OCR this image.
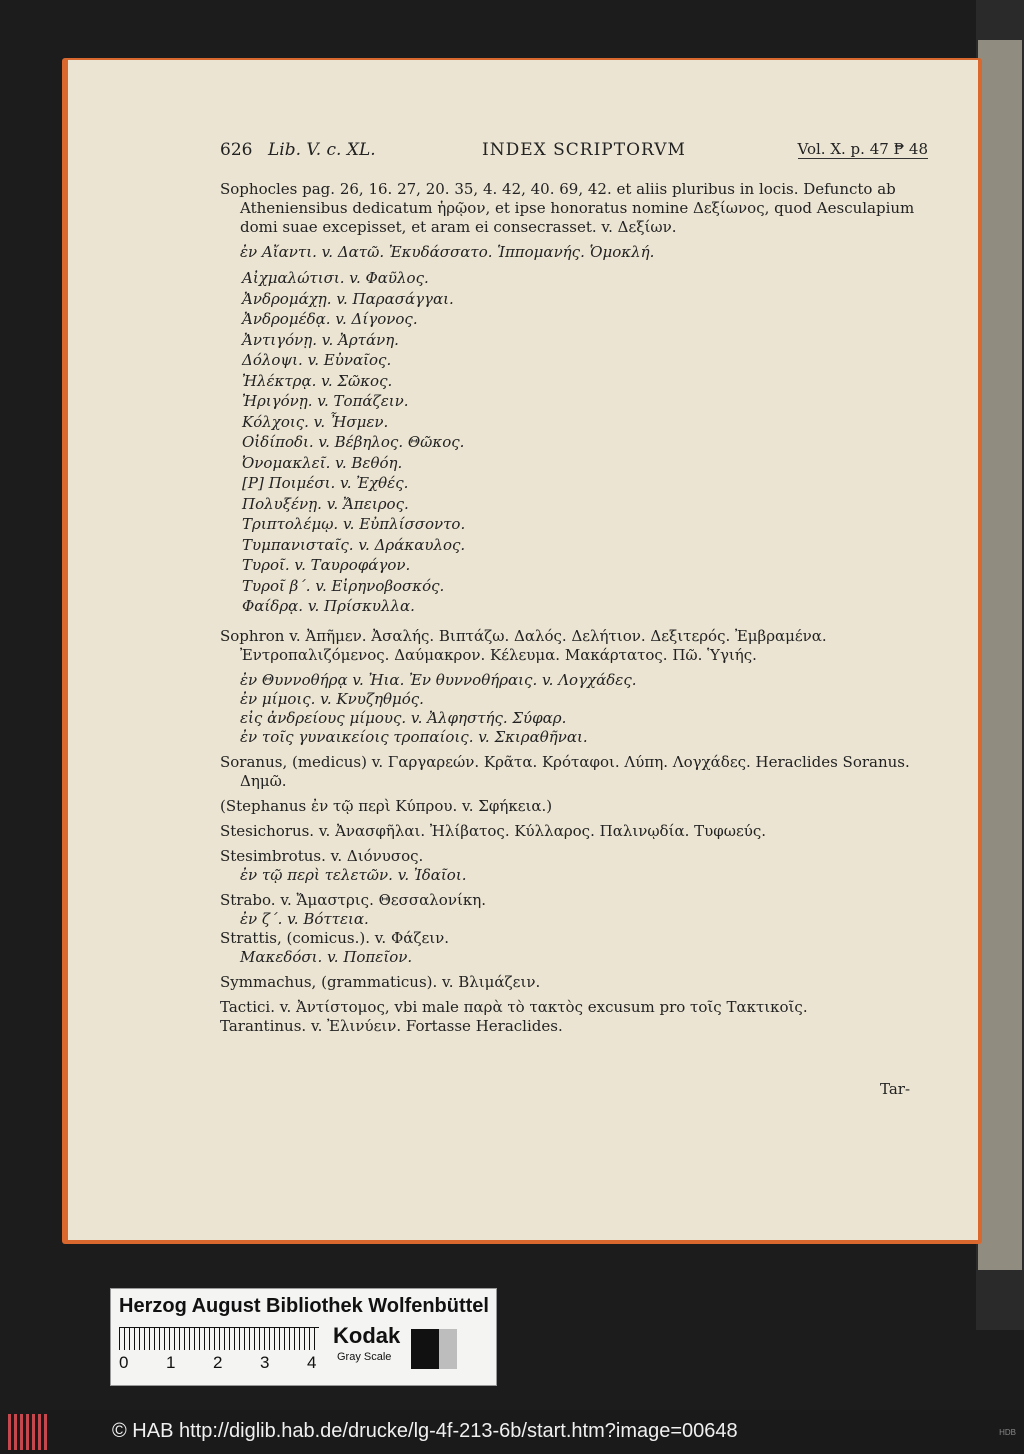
626 Lib. V. c. XL.	INDEX SCRIPTORVM	Vol. X. p. 47 ₱ 48
Sophocles pag. 26, 16. 27, 20. 35, 4. 42, 40. 69, 42. et aliis pluribus in locis. Defuncto ab Atheniensibus dedicatum ἡρῷον, et ipse honoratus nomine Δεξίωνος, quod Aesculapium domi suae excepisset, et aram ei consecrasset. v. Δεξίων.
ἐν Αἴαντι. v. Δατῶ. Ἐκυδάσσατο. Ἱππομανής. Ὁμοκλή.
Αἰχμαλώτισι. v. Φαῦλος.
Ἀνδρομάχῃ. v. Παρασάγγαι.
Ἀνδρομέδᾳ. v. Δίγονος.
Ἀντιγόνῃ. v. Ἀρτάνη.
Δόλοψι. v. Εὐναῖος.
Ἠλέκτρᾳ. v. Σῶκος.
Ἠριγόνῃ. v. Τοπάζειν.
Κόλχοις. v. Ἦσμεν.
Οἰδίποδι. v. Βέβηλος. Θῶκος.
Ὀνομακλεῖ. v. Βεθόη.
[Ρ] Ποιμέσι. v. Ἐχθές.
Πολυξένῃ. v. Ἄπειρος.
Τριπτολέμῳ. v. Εὐπλίσσοντο.
Τυμπανισταῖς. v. Δράκαυλος.
Τυροῖ. v. Ταυροφάγον.
Τυροῖ β΄. v. Εἰρηνοβοσκός.
Φαίδρᾳ. v. Πρίσκυλλα.
Sophron v. Ἀπῆμεν. Ἀσαλής. Βιπτάζω. Δαλός. Δελήτιον. Δεξιτερός. Ἐμβραμένα. Ἐντροπαλιζόμενος. Δαύμακρον. Κέλευμα. Μακάρτατος. Πῶ. Ὑγιής.
ἐν Θυννοθήρᾳ v. Ἠια. Ἐν θυννοθήραις. v. Λογχάδες.
ἐν μίμοις. v. Κνυζηθμός.
εἰς ἀνδρείους μίμους. v. Ἀλφηστής. Σύφαρ.
ἐν τοῖς γυναικείοις τροπαίοις. v. Σκιραθῆναι.
Soranus, (medicus) v. Γαργαρεών. Κρᾶτα. Κρόταφοι. Λύπη. Λογχάδες. Heraclides Soranus. Δημῶ.
(Stephanus ἐν τῷ περὶ Κύπρου. v. Σφήκεια.)
Stesichorus. v. Ἀνασφῆλαι. Ἠλίβατος. Κύλλαρος. Παλινῳδία. Τυφωεύς.
Stesimbrotus. v. Διόνυσος.
ἐν τῷ περὶ τελετῶν. v. Ἰδαῖοι.
Strabo. v. Ἄμαστρις. Θεσσαλονίκη.
ἐν ζ΄. v. Βόττεια.
Strattis, (comicus.). v. Φάζειν.
Μακεδόσι. v. Ποπεῖον.
Symmachus, (grammaticus). v. Βλιμάζειν.
Tactici. v. Ἀντίστομος, vbi male παρὰ τὸ τακτὸς excusum pro τοῖς Τακτικοῖς.
Tarantinus. v. Ἐλινύειν. Fortasse Heraclides.
Tar-
Herzog August Bibliothek Wolfenbüttel
0 1 2 3 4
Kodak
Gray Scale
© HAB http://diglib.hab.de/drucke/lg-4f-213-6b/start.htm?image=00648	HDB
